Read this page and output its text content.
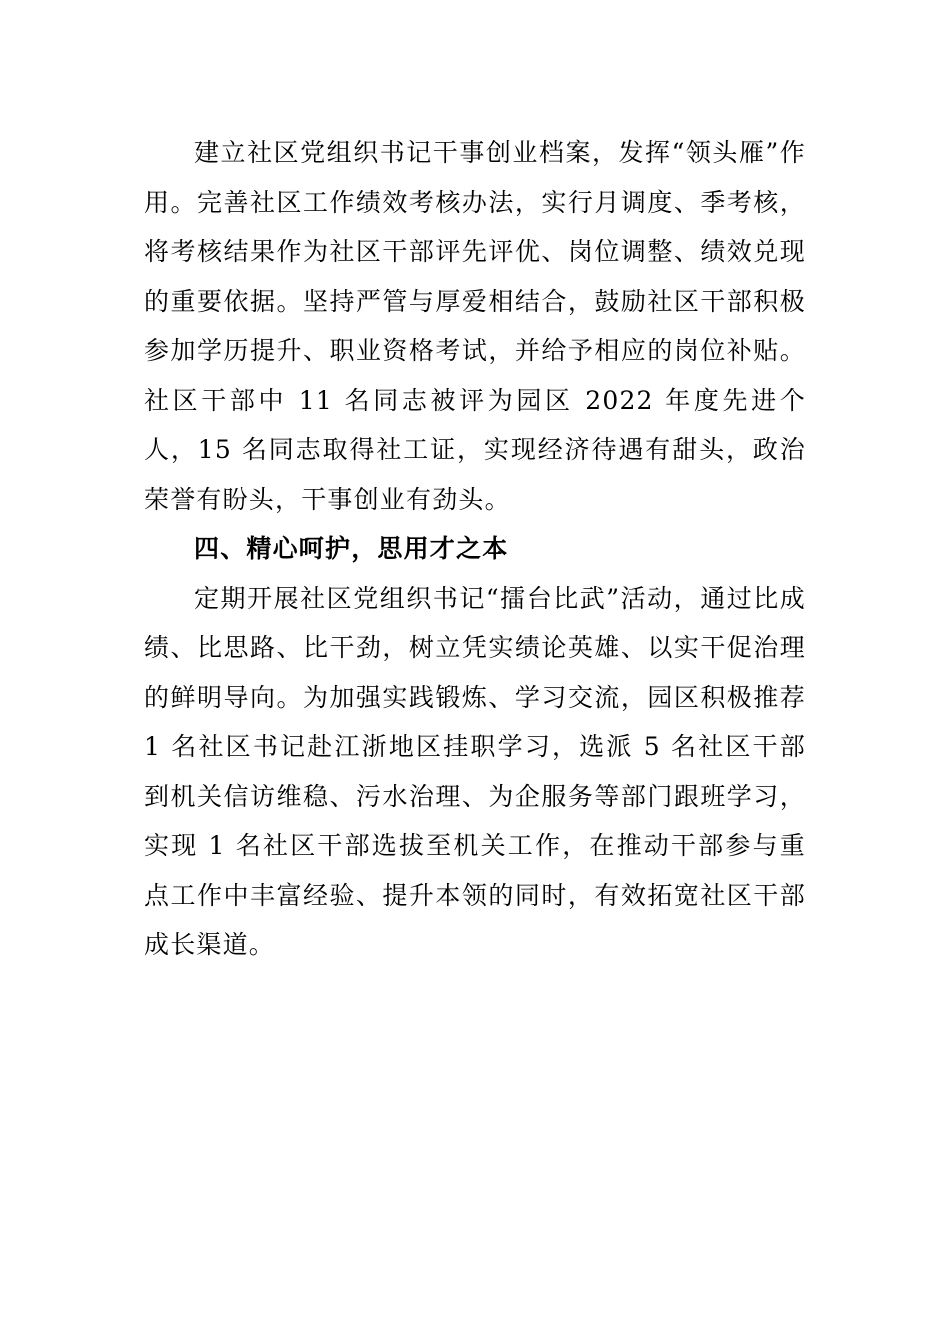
建立社区党组织书记干事创业档案，发挥“领头雁”作用。完善社区工作绩效考核办法，实行月调度、季考核，将考核结果作为社区干部评先评优、岗位调整、绩效兑现的重要依据。坚持严管与厚爱相结合，鼓励社区干部积极参加学历提升、职业资格考试，并给予相应的岗位补贴。社区干部中 11 名同志被评为园区 2022 年度先进个人，15 名同志取得社工证，实现经济待遇有甜头，政治荣誉有盼头，干事创业有劲头。

四、精心呵护，思用才之本

定期开展社区党组织书记“擂台比武”活动，通过比成绩、比思路、比干劲，树立凭实绩论英雄、以实干促治理的鲜明导向。为加强实践锻炼、学习交流，园区积极推荐 1 名社区书记赴江浙地区挂职学习，选派 5 名社区干部到机关信访维稳、污水治理、为企服务等部门跟班学习，实现 1 名社区干部选拔至机关工作，在推动干部参与重点工作中丰富经验、提升本领的同时，有效拓宽社区干部成长渠道。
